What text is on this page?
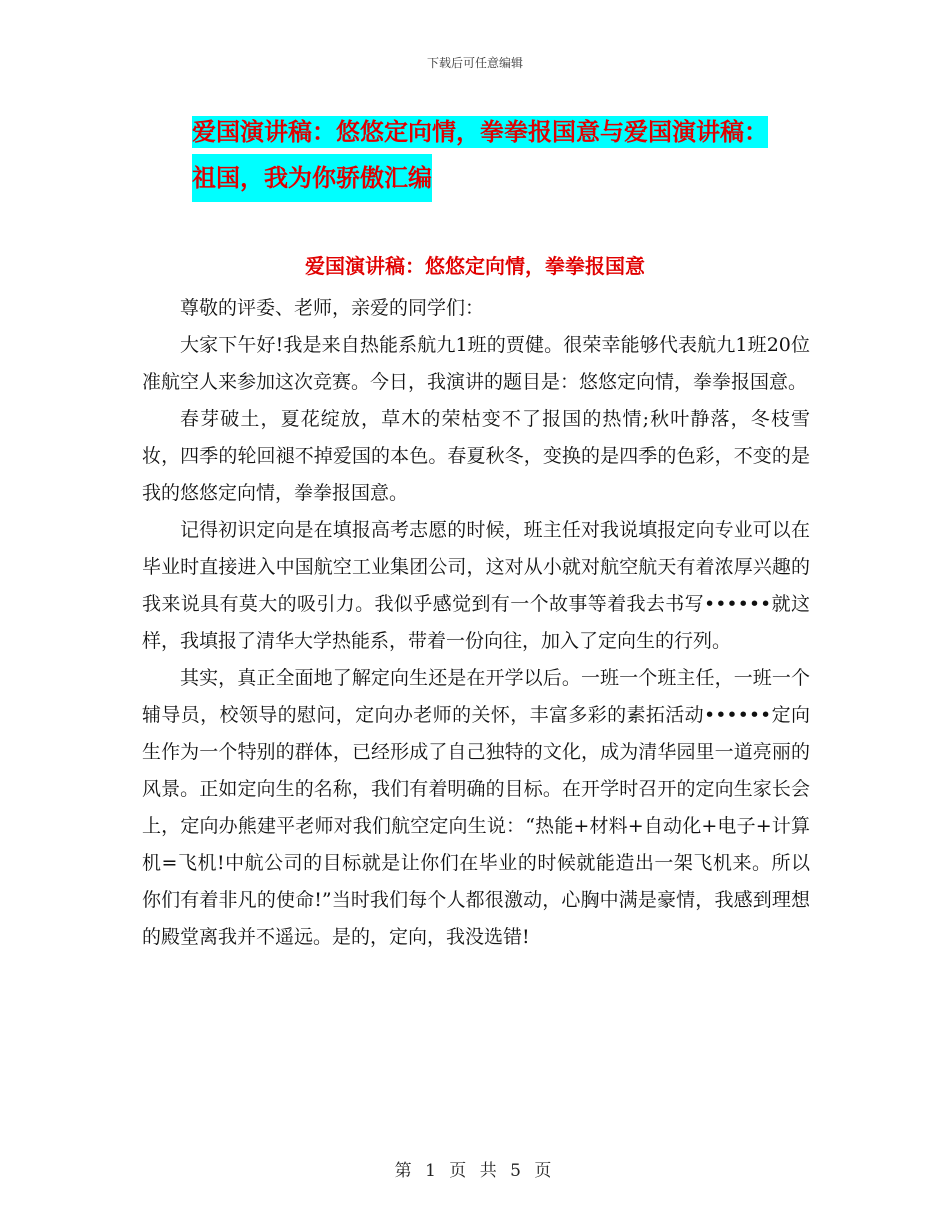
下载后可任意编辑
爱国演讲稿：悠悠定向情，拳拳报国意与爱国演讲稿：
祖国，我为你骄傲汇编
爱国演讲稿：悠悠定向情，拳拳报国意

尊敬的评委、老师，亲爱的同学们：

大家下午好!我是来自热能系航九1班的贾健。很荣幸能够代表航九1班20位准航空人来参加这次竞赛。今日，我演讲的题目是：悠悠定向情，拳拳报国意。

春芽破土，夏花绽放，草木的荣枯变不了报国的热情;秋叶静落，冬枝雪妆，四季的轮回褪不掉爱国的本色。春夏秋冬，变换的是四季的色彩，不变的是我的悠悠定向情，拳拳报国意。

记得初识定向是在填报高考志愿的时候，班主任对我说填报定向专业可以在毕业时直接进入中国航空工业集团公司，这对从小就对航空航天有着浓厚兴趣的我来说具有莫大的吸引力。我似乎感觉到有一个故事等着我去书写••••••就这样，我填报了清华大学热能系，带着一份向往，加入了定向生的行列。

其实，真正全面地了解定向生还是在开学以后。一班一个班主任，一班一个辅导员，校领导的慰问，定向办老师的关怀，丰富多彩的素拓活动••••••定向生作为一个特别的群体，已经形成了自己独特的文化，成为清华园里一道亮丽的风景。正如定向生的名称，我们有着明确的目标。在开学时召开的定向生家长会上，定向办熊建平老师对我们航空定向生说：“热能+材料+自动化+电子+计算机=飞机!中航公司的目标就是让你们在毕业的时候就能造出一架飞机来。所以你们有着非凡的使命!”当时我们每个人都很激动，心胸中满是豪情，我感到理想的殿堂离我并不遥远。是的，定向，我没选错!

第 1 页 共 5 页
